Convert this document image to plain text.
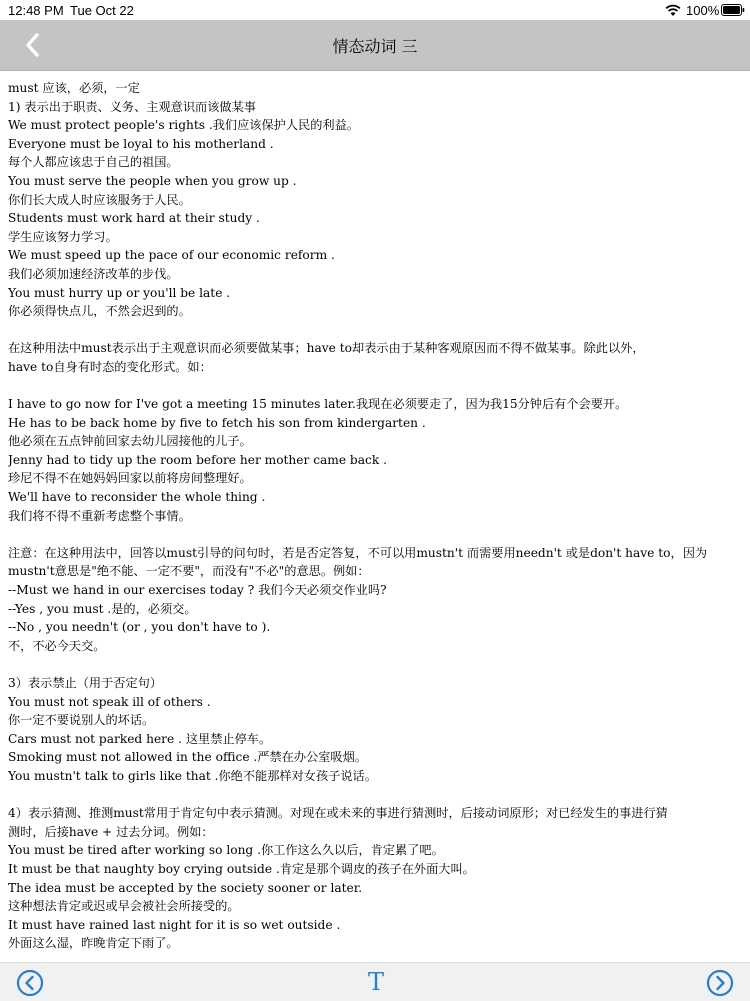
12:48 PM Tue Oct 22	100%
情态动词 三
must 应该，必须，一定
1) 表示出于职责、义务、主观意识而该做某事
We must protect people's rights .我们应该保护人民的利益。
Everyone must be loyal to his motherland .
每个人都应该忠于自己的祖国。
You must serve the people when you grow up .
你们长大成人时应该服务于人民。
Students must work hard at their study .
学生应该努力学习。
We must speed up the pace of our economic reform .
我们必须加速经济改革的步伐。
You must hurry up or you'll be late .
你必须得快点儿，不然会迟到的。
在这种用法中must表示出于主观意识而必须要做某事；have to却表示由于某种客观原因而不得不做某事。除此以外，
have to自身有时态的变化形式。如：
I have to go now for I've got a meeting 15 minutes later.我现在必须要走了，因为我15分钟后有个会要开。
He has to be back home by five to fetch his son from kindergarten .
他必须在五点钟前回家去幼儿园接他的儿子。
Jenny had to tidy up the room before her mother came back .
珍尼不得不在她妈妈回家以前将房间整理好。
We'll have to reconsider the whole thing .
我们将不得不重新考虑整个事情。
注意：在这种用法中，回答以must引导的问句时，若是否定答复，不可以用mustn't 而需要用needn't 或是don't have to，因为
mustn't意思是"绝不能、一定不要"，而没有"不必"的意思。例如：
--Must we hand in our exercises today ? 我们今天必须交作业吗?
--Yes , you must .是的，必须交。
--No , you needn't (or , you don't have to ).
不，不必今天交。
3）表示禁止（用于否定句）
You must not speak ill of others .
你一定不要说别人的坏话。
Cars must not parked here . 这里禁止停车。
Smoking must not allowed in the office .严禁在办公室吸烟。
You mustn't talk to girls like that .你绝不能那样对女孩子说话。
4）表示猜测、推测must常用于肯定句中表示猜测。对现在或未来的事进行猜测时，后接动词原形；对已经发生的事进行猜
测时，后接have + 过去分词。例如：
You must be tired after working so long .你工作这么久以后，肯定累了吧。
It must be that naughty boy crying outside .肯定是那个调皮的孩子在外面大叫。
The idea must be accepted by the society sooner or later.
这种想法肯定或迟或早会被社会所接受的。
It must have rained last night for it is so wet outside .
外面这么湿，昨晚肯定下雨了。
T
